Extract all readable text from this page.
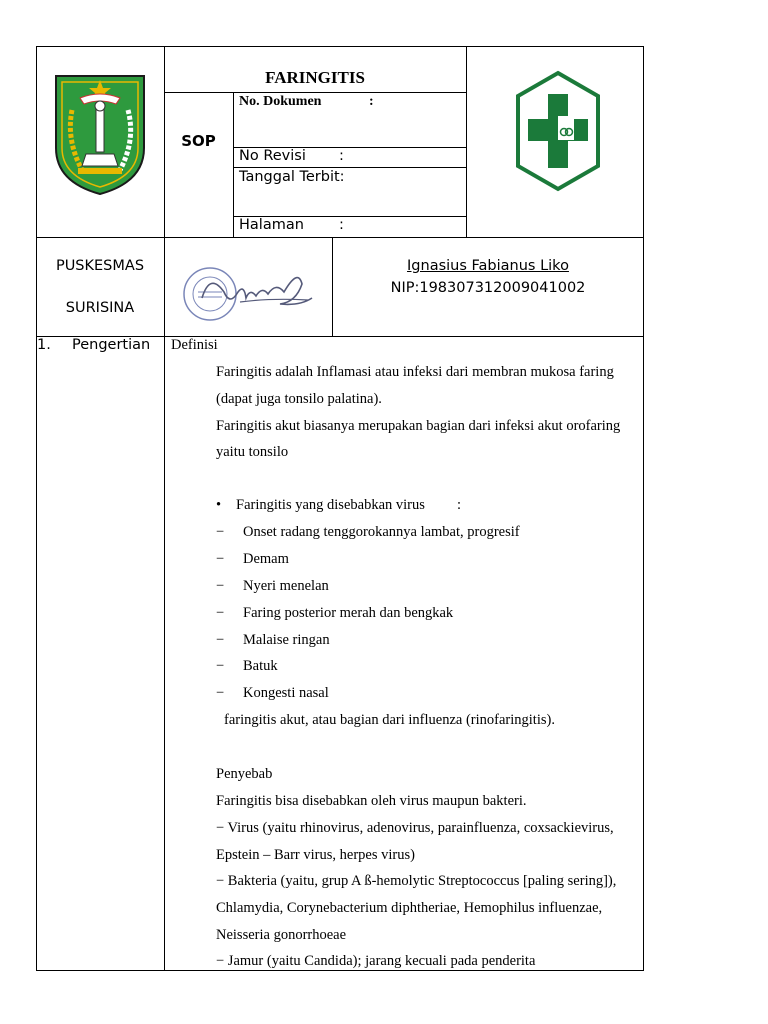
FARINGITIS
SOP
No. Dokumen	:
No Revisi :
Tanggal Terbit:
Halaman :
PUSKESMAS
SURISINA
Ignasius Fabianus Liko
NIP:198307312009041002
1. Pengertian Definisi
Faringitis adalah Inflamasi atau infeksi dari membran mukosa faring
(dapat juga tonsilo palatina).
Faringitis akut biasanya merupakan bagian dari infeksi akut orofaring
yaitu tonsilo
• Faringitis yang disebabkan virus :
− Onset radang tenggorokannya lambat, progresif
− Demam
− Nyeri menelan
− Faring posterior merah dan bengkak
− Malaise ringan
− Batuk
− Kongesti nasal
faringitis akut, atau bagian dari influenza (rinofaringitis).
Penyebab
Faringitis bisa disebabkan oleh virus maupun bakteri.
− Virus (yaitu rhinovirus, adenovirus, parainfluenza, coxsackievirus,
Epstein – Barr virus, herpes virus)
− Bakteria (yaitu, grup A ß-hemolytic Streptococcus [paling sering]),
Chlamydia, Corynebacterium diphtheriae, Hemophilus influenzae,
Neisseria gonorrhoeae
− Jamur (yaitu Candida); jarang kecuali pada penderita
